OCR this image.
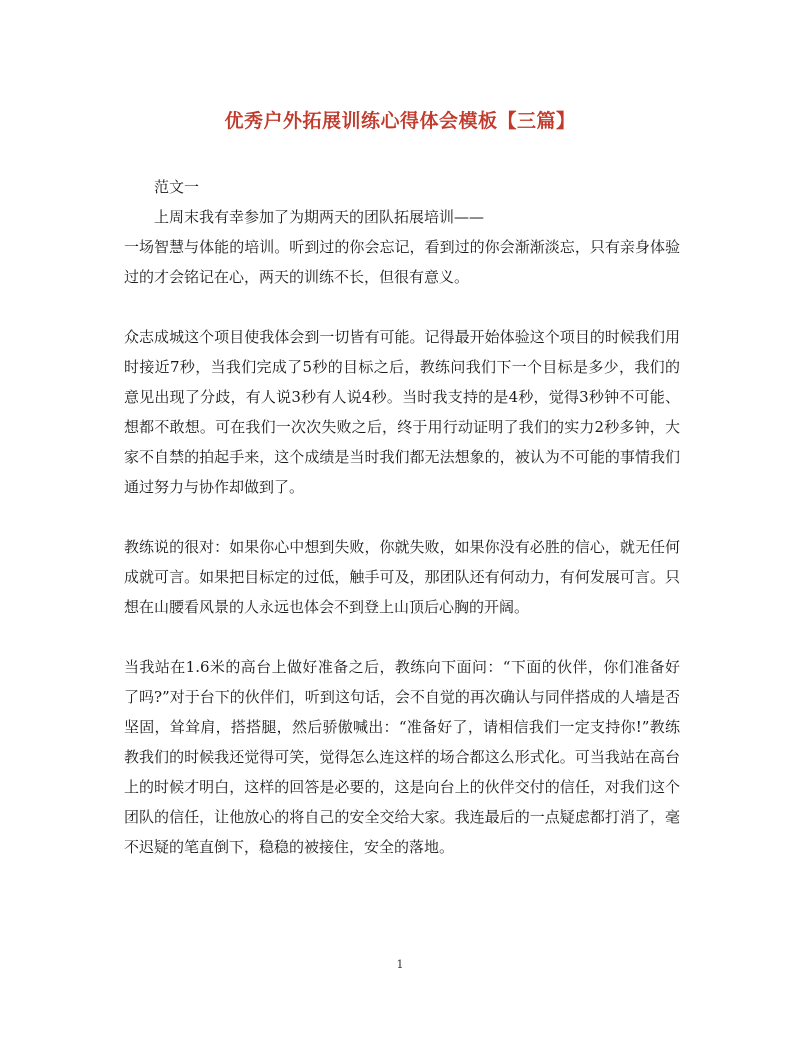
优秀户外拓展训练心得体会模板【三篇】

范文一

上周末我有幸参加了为期两天的团队拓展培训——

一场智慧与体能的培训。听到过的你会忘记，看到过的你会渐渐淡忘，只有亲身体验过的才会铭记在心，两天的训练不长，但很有意义。

众志成城这个项目使我体会到一切皆有可能。记得最开始体验这个项目的时候我们用时接近7秒，当我们完成了5秒的目标之后，教练问我们下一个目标是多少，我们的意见出现了分歧，有人说3秒有人说4秒。当时我支持的是4秒，觉得3秒钟不可能、想都不敢想。可在我们一次次失败之后，终于用行动证明了我们的实力2秒多钟，大家不自禁的拍起手来，这个成绩是当时我们都无法想象的，被认为不可能的事情我们通过努力与协作却做到了。

教练说的很对：如果你心中想到失败，你就失败，如果你没有必胜的信心，就无任何成就可言。如果把目标定的过低，触手可及，那团队还有何动力，有何发展可言。只想在山腰看风景的人永远也体会不到登上山顶后心胸的开阔。

当我站在1.6米的高台上做好准备之后，教练向下面问：“下面的伙伴，你们准备好了吗?”对于台下的伙伴们，听到这句话，会不自觉的再次确认与同伴搭成的人墙是否坚固，耸耸肩，搭搭腿，然后骄傲喊出：“准备好了，请相信我们一定支持你!”教练教我们的时候我还觉得可笑，觉得怎么连这样的场合都这么形式化。可当我站在高台上的时候才明白，这样的回答是必要的，这是向台上的伙伴交付的信任，对我们这个团队的信任，让他放心的将自己的安全交给大家。我连最后的一点疑虑都打消了，毫不迟疑的笔直倒下，稳稳的被接住，安全的落地。

1
